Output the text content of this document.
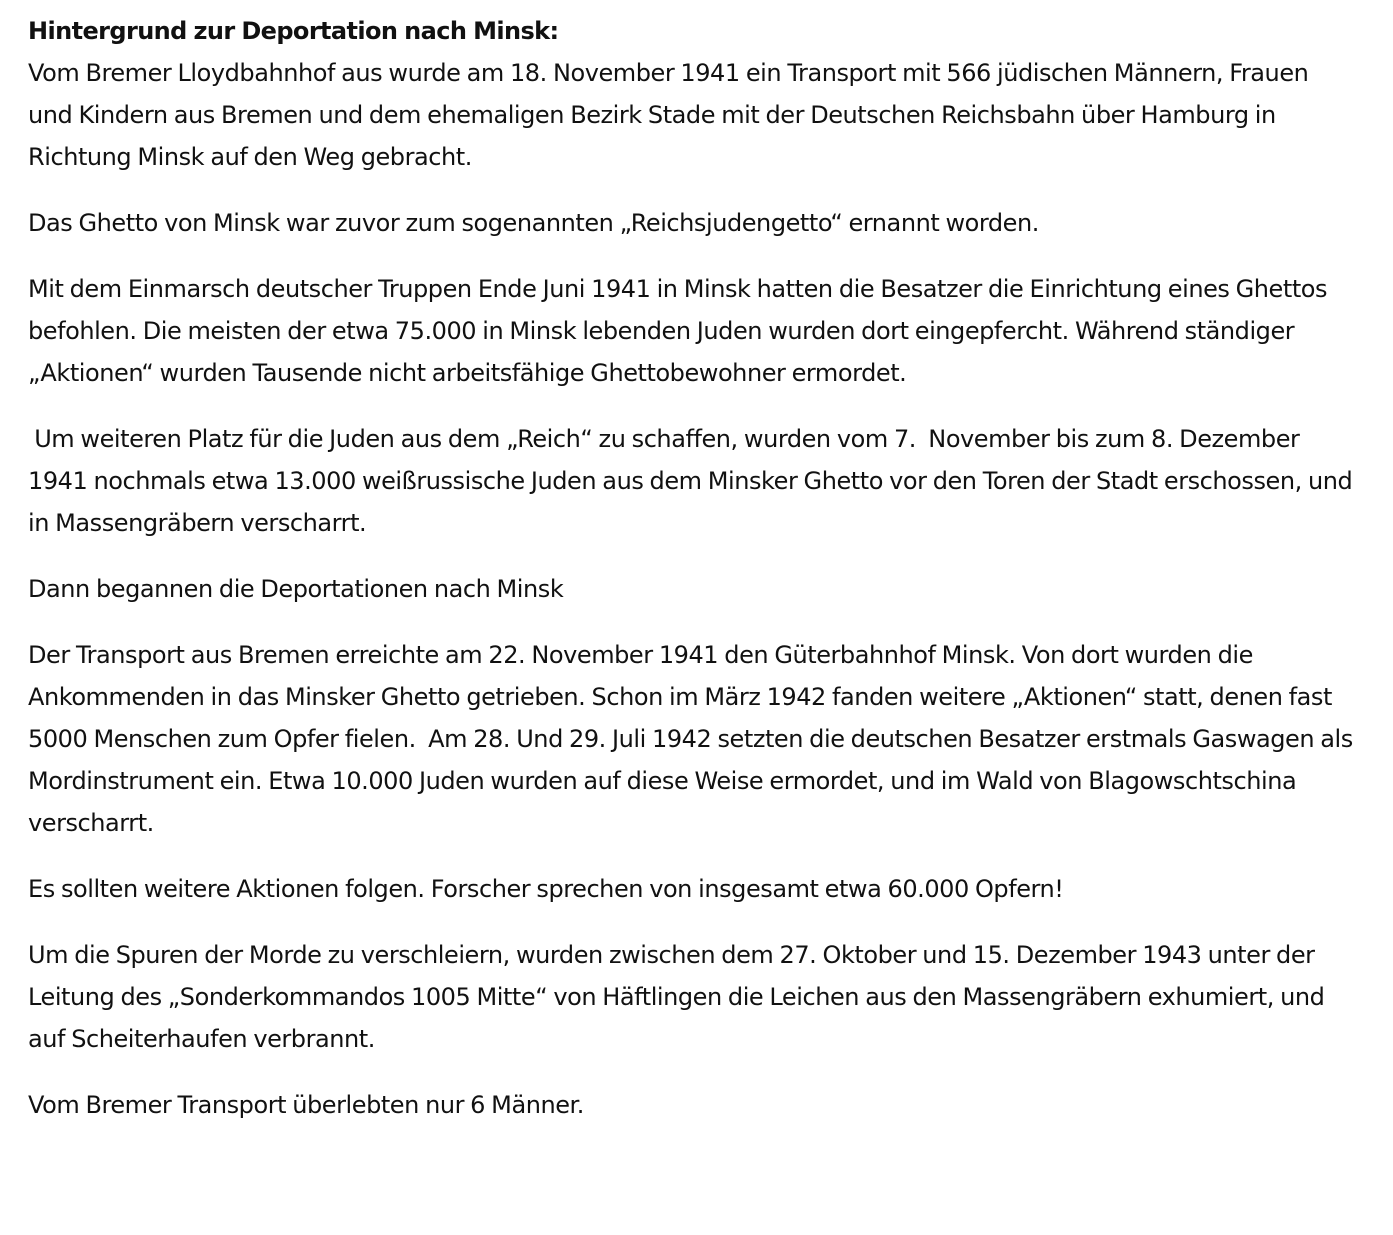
Hintergrund zur Deportation nach Minsk:

Vom Bremer Lloydbahnhof aus wurde am 18. November 1941 ein Transport mit 566 jüdischen Männern, Frauen und Kindern aus Bremen und dem ehemaligen Bezirk Stade mit der Deutschen Reichsbahn über Hamburg in Richtung Minsk auf den Weg gebracht.

Das Ghetto von Minsk war zuvor zum sogenannten „Reichsjudengetto“ ernannt worden.

Mit dem Einmarsch deutscher Truppen Ende Juni 1941 in Minsk hatten die Besatzer die Einrichtung eines Ghettos befohlen. Die meisten der etwa 75.000 in Minsk lebenden Juden wurden dort eingepfercht. Während ständiger „Aktionen“ wurden Tausende nicht arbeitsfähige Ghettobewohner ermordet.

Um weiteren Platz für die Juden aus dem „Reich“ zu schaffen, wurden vom 7.  November bis zum 8. Dezember 1941 nochmals etwa 13.000 weißrussische Juden aus dem Minsker Ghetto vor den Toren der Stadt erschossen, und in Massengräbern verscharrt.

Dann begannen die Deportationen nach Minsk

Der Transport aus Bremen erreichte am 22. November 1941 den Güterbahnhof Minsk. Von dort wurden die Ankommenden in das Minsker Ghetto getrieben. Schon im März 1942 fanden weitere „Aktionen“ statt, denen fast 5000 Menschen zum Opfer fielen.  Am 28. Und 29. Juli 1942 setzten die deutschen Besatzer erstmals Gaswagen als Mordinstrument ein. Etwa 10.000 Juden wurden auf diese Weise ermordet, und im Wald von Blagowschtschina verscharrt.

Es sollten weitere Aktionen folgen. Forscher sprechen von insgesamt etwa 60.000 Opfern!

Um die Spuren der Morde zu verschleiern, wurden zwischen dem 27. Oktober und 15. Dezember 1943 unter der Leitung des „Sonderkommandos 1005 Mitte“ von Häftlingen die Leichen aus den Massengräbern exhumiert, und auf Scheiterhaufen verbrannt.

Vom Bremer Transport überlebten nur 6 Männer.
